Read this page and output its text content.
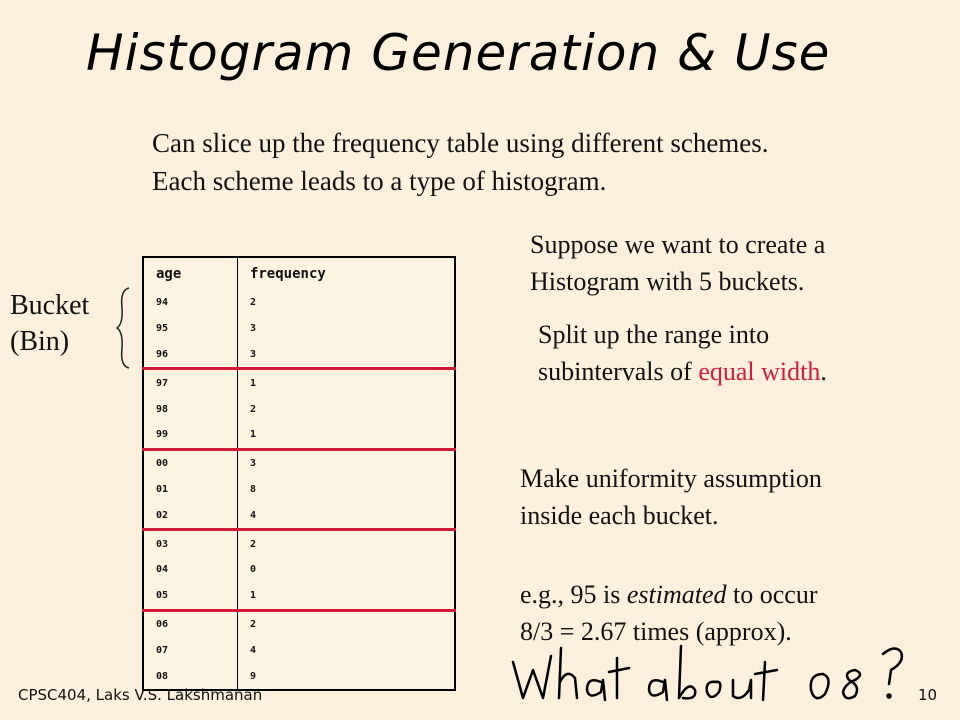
Histogram Generation & Use
Can slice up the frequency table using different schemes.
Each scheme leads to a type of histogram.
Bucket
(Bin)
age	frequency
94	2
95	3
96	3
97	1
98	2
99	1
00	3
01	8
02	4
03	2
04	0
05	1
06	2
07	4
08	9
Suppose we want to create a
Histogram with 5 buckets.
Split up the range into
subintervals of equal width.
Make uniformity assumption
inside each bucket.
e.g., 95 is estimated to occur
8/3 = 2.67 times (approx).
CPSC404, Laks V.S. Lakshmanan	10
